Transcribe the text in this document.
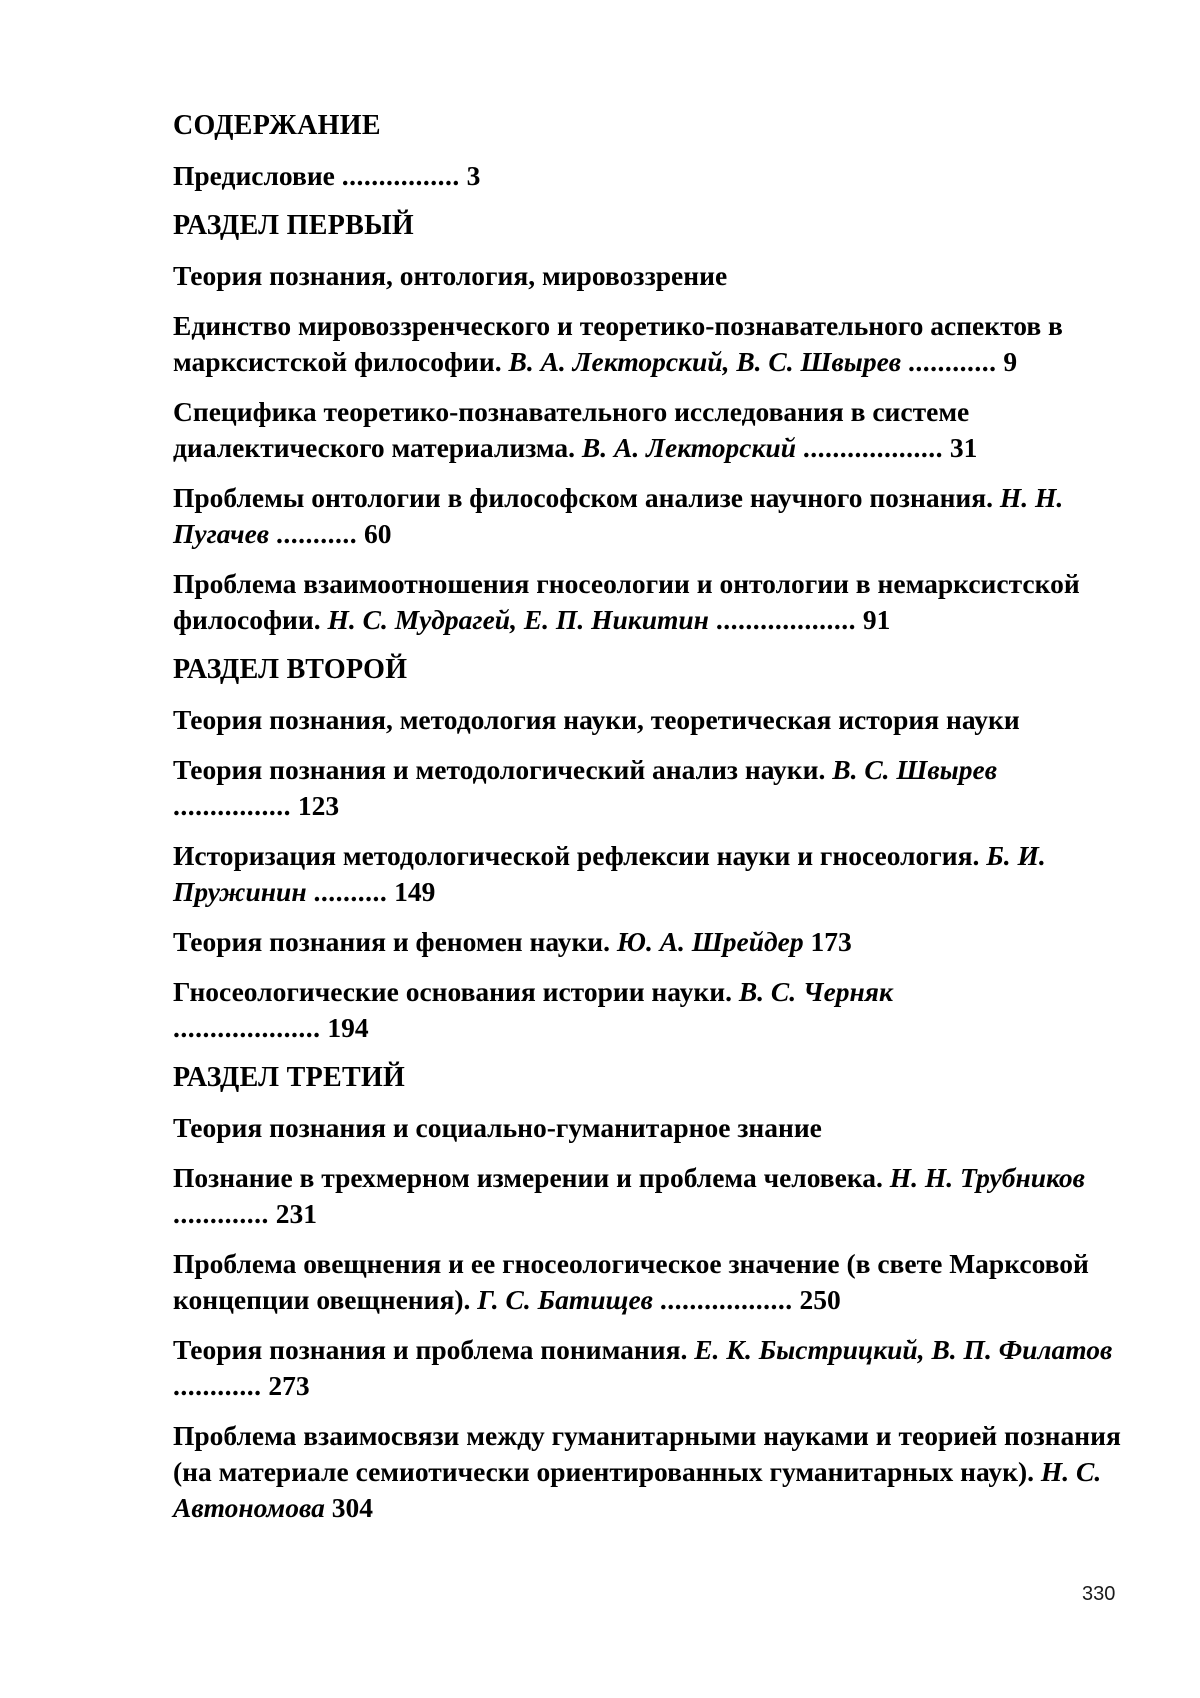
СОДЕРЖАНИЕ
Предисловие ................ 3
РАЗДЕЛ ПЕРВЫЙ
Теория познания, онтология, мировоззрение
Единство мировоззренческого и теоретико-познавательного аспектов в марксистской философии. В. А. Лекторский, В. С. Швырев ............ 9
Специфика теоретико-познавательного исследования в системе диалектического материализма. В. А. Лекторский ................... 31
Проблемы онтологии в философском анализе научного познания. Н. Н. Пугачев ........... 60
Проблема взаимоотношения гносеологии и онтологии в немарксистской философии. Н. С. Мудрагей, Е. П. Никитин ................... 91
РАЗДЕЛ ВТОРОЙ
Теория познания, методология науки, теоретическая история науки
Теория познания и методологический анализ науки. В. С. Швырев
................ 123
Историзация методологической рефлексии науки и гносеология. Б. И. Пружинин .......... 149
Теория познания и феномен науки. Ю. А. Шрейдер 173
Гносеологические основания истории науки. В. С. Черняк
.................... 194
РАЗДЕЛ ТРЕТИЙ
Теория познания и социально-гуманитарное знание
Познание в трехмерном измерении и проблема человека. Н. Н. Трубников
............. 231
Проблема овещнения и ее гносеологическое значение (в свете Марксовой концепции овещнения). Г. С. Батищев .................. 250
Теория познания и проблема понимания. Е. К. Быстрицкий, В. П. Филатов ............ 273
Проблема взаимосвязи между гуманитарными науками и теорией познания (на материале семиотически ориентированных гуманитарных наук). Н. С. Автономова 304
330
